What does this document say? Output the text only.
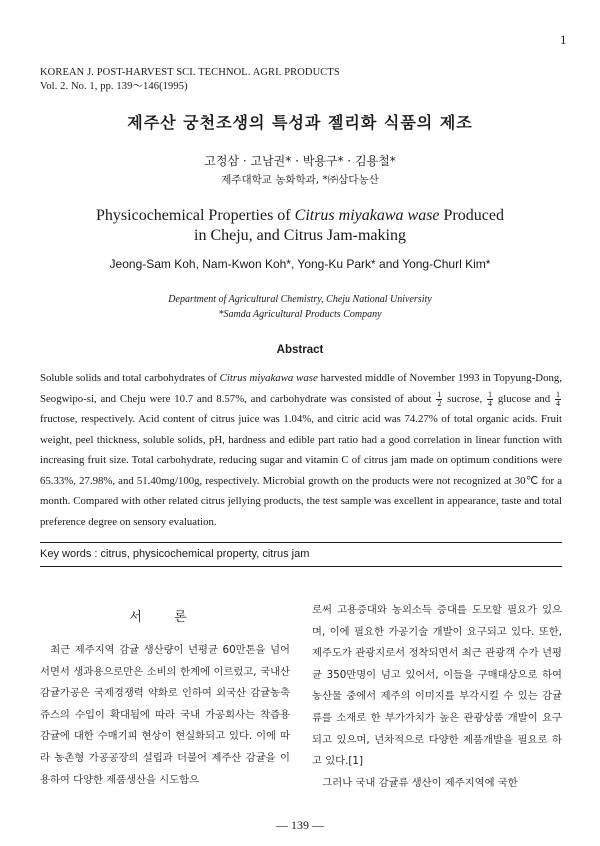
1
KOREAN J. POST-HARVEST SCI. TECHNOL. AGRI. PRODUCTS
Vol. 2. No. 1, pp. 139～146(1995)
제주산 궁천조생의 특성과 젤리화 식품의 제조
고정삼 · 고남권* · 박용구* · 김용철*
제주대학교 농화학과, *㈜삼다농산
Physicochemical Properties of Citrus miyakawa wase Produced
in Cheju, and Citrus Jam-making
Jeong-Sam Koh, Nam-Kwon Koh*, Yong-Ku Park* and Yong-Churl Kim*
Department of Agricultural Chemistry, Cheju National University
*Samda Agricultural Products Company
Abstract
Soluble solids and total carbohydrates of Citrus miyakawa wase harvested middle of November 1993 in Topyung-Dong, Seogwipo-si, and Cheju were 10.7 and 8.57%, and carbohydrate was consisted of about $\frac{1}{2}$ sucrose, $\frac{1}{4}$ glucose and $\frac{1}{4}$
fructose, respectively. Acid content of citrus juice was 1.04%, and citric acid was 74.27% of total organic acids. Fruit weight, peel thickness, soluble solids, pH, hardness and edible part ratio had a good correlation in linear function with increasing fruit size. Total carbohydrate, reducing sugar and vitamin C of citrus jam made on optimum conditions were 65.33%, 27.98%, and 51.40mg/100g, respectively. Microbial growth on the products were not recognized at 30℃ for a month. Compared with other related citrus jellying products, the test sample was excellent in appearance, taste and total preference degree on sensory evaluation.
Key words : citrus, physicochemical property, citrus jam
서 론

최근 제주지역 감귤 생산량이 년평균 60만톤을 넘어서면서 생과용으로만은 소비의 한계에 이르렀고, 국내산 감귤가공은 국제경쟁력 약화로 인하여 외국산 감귤농축쥬스의 수입이 확대됨에 따라 국내 가공회사는 착즙용 감귤에 대한 수매기피 현상이 현실화되고 있다. 이에 따라 농촌형 가공공장의 설립과 더불어 제주산 감귤을 이용하여 다양한 제품생산을 시도함으

로써 고용증대와 농외소득 증대를 도모할 필요가 있으며, 이에 필요한 가공기술 개발이 요구되고 있다. 또한, 제주도가 관광지로서 정착되면서 최근 관광객 수가 년평균 350만명이 넘고 있어서, 이들을 구매대상으로 하여 농산물 중에서 제주의 이미지를 부각시킬 수 있는 감귤류를 소재로 한 부가가치가 높은 관광상품 개발이 요구되고 있으며, 년차적으로 다양한 제품개발을 필요로 하고 있다.[1]

그러나 국내 감귤류 생산이 제주지역에 국한

— 139 —
